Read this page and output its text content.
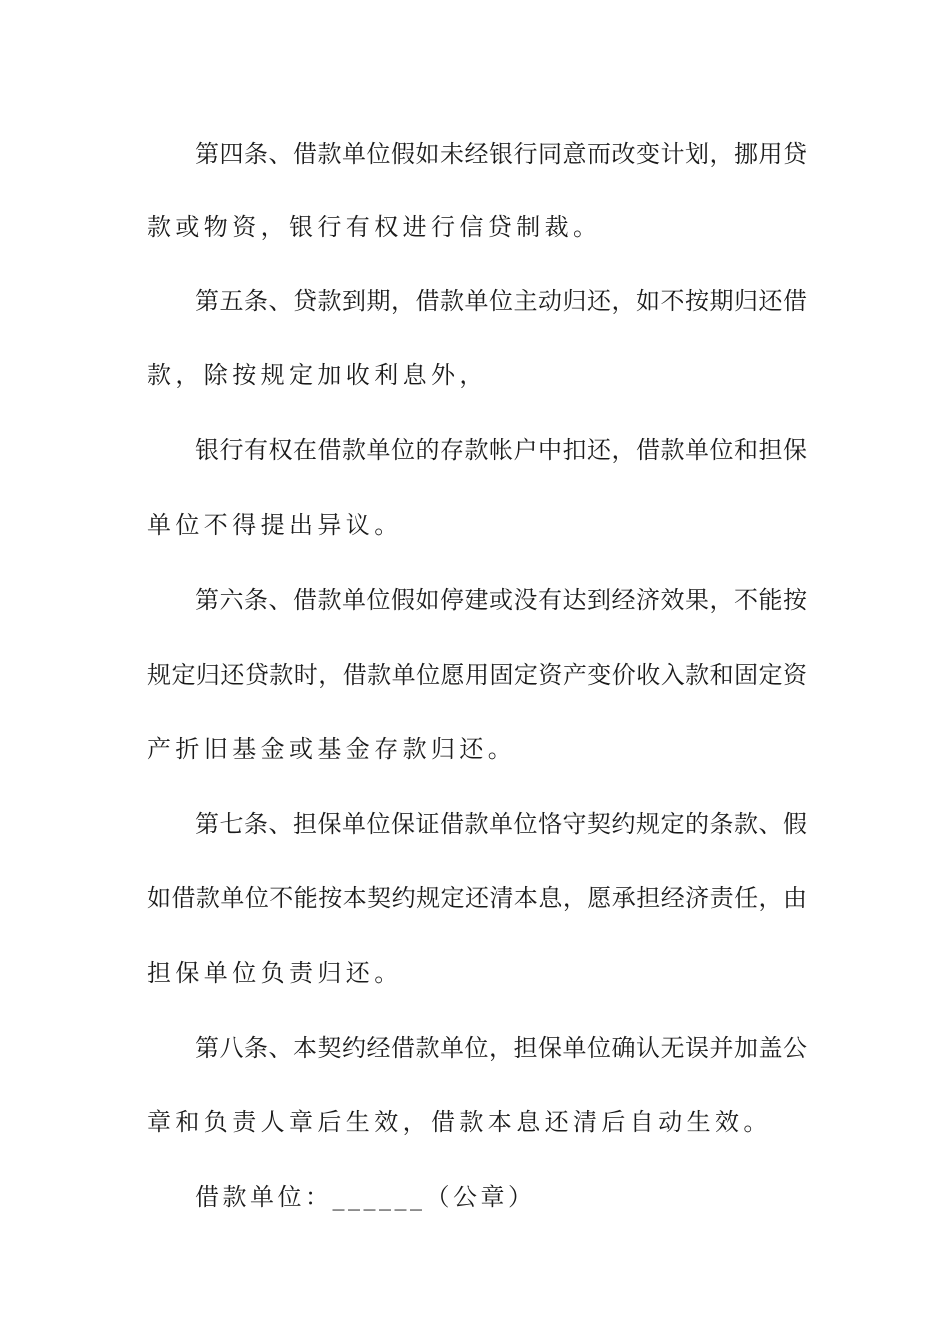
第四条、借款单位假如未经银行同意而改变计划，挪用贷
款或物资，银行有权进行信贷制裁。
第五条、贷款到期，借款单位主动归还，如不按期归还借
款，除按规定加收利息外，
银行有权在借款单位的存款帐户中扣还，借款单位和担保
单位不得提出异议。
第六条、借款单位假如停建或没有达到经济效果，不能按
规定归还贷款时，借款单位愿用固定资产变价收入款和固定资
产折旧基金或基金存款归还。
第七条、担保单位保证借款单位恪守契约规定的条款、假
如借款单位不能按本契约规定还清本息，愿承担经济责任，由
担保单位负责归还。
第八条、本契约经借款单位，担保单位确认无误并加盖公
章和负责人章后生效，借款本息还清后自动生效。
借款单位：______（公章）
